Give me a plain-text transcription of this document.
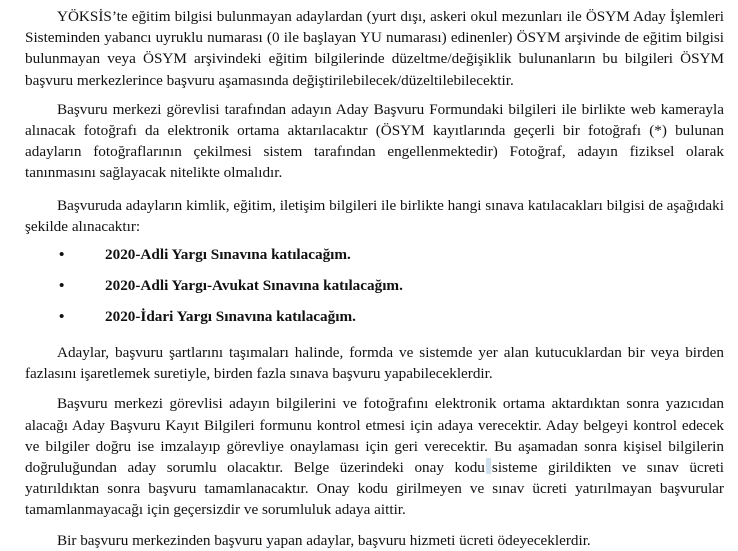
YÖKSİS’te eğitim bilgisi bulunmayan adaylardan (yurt dışı, askeri okul mezunları ile ÖSYM Aday İşlemleri Sisteminden yabancı uyruklu numarası (0 ile başlayan YU numarası) edinenler) ÖSYM arşivinde de eğitim bilgisi bulunmayan veya ÖSYM arşivindeki eğitim bilgilerinde düzeltme/değişiklik bulunanların bu bilgileri ÖSYM başvuru merkezlerince başvuru aşamasında değiştirilebilecek/düzeltilebilecektir.

Başvuru merkezi görevlisi tarafından adayın Aday Başvuru Formundaki bilgileri ile birlikte web kamerayla alınacak fotoğrafı da elektronik ortama aktarılacaktır (ÖSYM kayıtlarında geçerli bir fotoğrafı (*) bulunan adayların fotoğraflarının çekilmesi sistem tarafından engellenmektedir) Fotoğraf, adayın fiziksel olarak tanınmasını sağlayacak nitelikte olmalıdır.

Başvuruda adayların kimlik, eğitim, iletişim bilgileri ile birlikte hangi sınava katılacakları bilgisi de aşağıdaki şekilde alınacaktır:

•	2020-Adli Yargı Sınavına katılacağım.
•	2020-Adli Yargı-Avukat Sınavına katılacağım.
•	2020-İdari Yargı Sınavına katılacağım.

Adaylar, başvuru şartlarını taşımaları halinde, formda ve sistemde yer alan kutucuklardan bir veya birden fazlasını işaretlemek suretiyle, birden fazla sınava başvuru yapabileceklerdir.

Başvuru merkezi görevlisi adayın bilgilerini ve fotoğrafını elektronik ortama aktardıktan sonra yazıcıdan alacağı Aday Başvuru Kayıt Bilgileri formunu kontrol etmesi için adaya verecektir. Aday belgeyi kontrol edecek ve bilgiler doğru ise imzalayıp görevliye onaylaması için geri verecektir. Bu aşamadan sonra kişisel bilgilerin doğruluğundan aday sorumlu olacaktır. Belge üzerindeki onay kodu sisteme girildikten ve sınav ücreti yatırıldıktan sonra başvuru tamamlanacaktır. Onay kodu girilmeyen ve sınav ücreti yatırılmayan başvurular tamamlanmayacağı için geçersizdir ve sorumluluk adaya aittir.

Bir başvuru merkezinden başvuru yapan adaylar, başvuru hizmeti ücreti ödeyeceklerdir.
